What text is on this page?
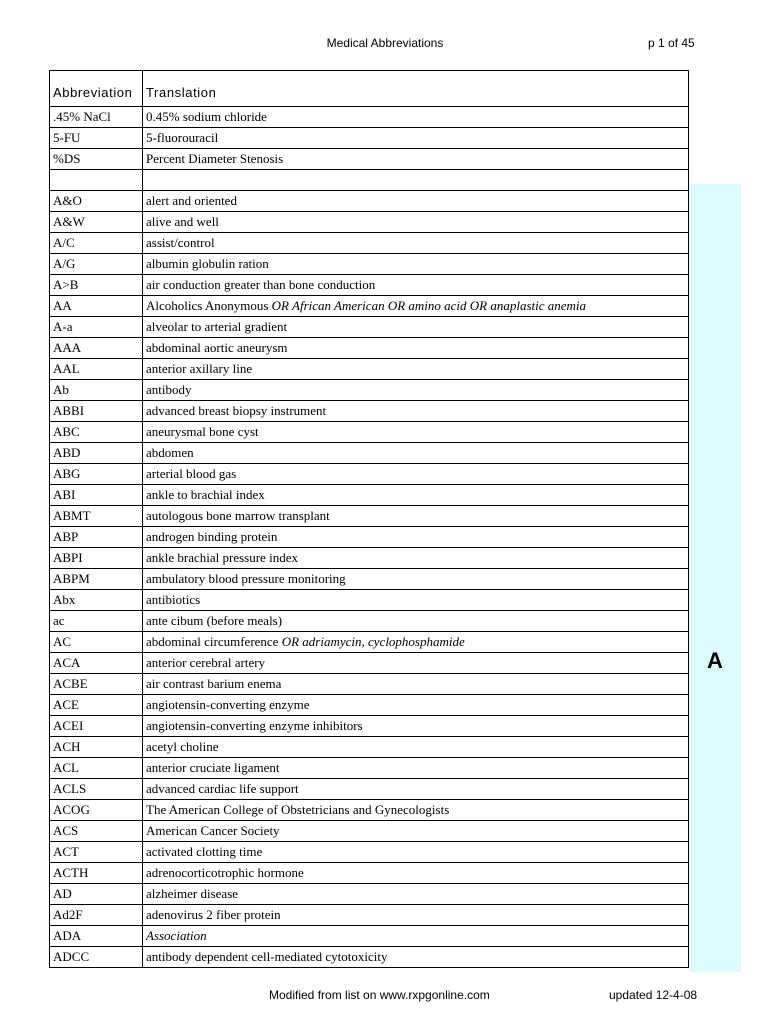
Medical Abbreviations	p 1 of 45
A
Abbreviation	Translation
.45% NaCl	0.45% sodium chloride
5-FU	5-fluorouracil
%DS	Percent Diameter Stenosis

A&O	alert and oriented
A&W	alive and well
A/C	assist/control
A/G	albumin globulin ration
A>B	air conduction greater than bone conduction
AA	Alcoholics Anonymous OR African American OR amino acid OR anaplastic anemia
A-a	alveolar to arterial gradient
AAA	abdominal aortic aneurysm
AAL	anterior axillary line
Ab	antibody
ABBI	advanced breast biopsy instrument
ABC	aneurysmal bone cyst
ABD	abdomen
ABG	arterial blood gas
ABI	ankle to brachial index
ABMT	autologous bone marrow transplant
ABP	androgen binding protein
ABPI	ankle brachial pressure index
ABPM	ambulatory blood pressure monitoring
Abx	antibiotics
ac	ante cibum (before meals)
AC	abdominal circumference OR adriamycin, cyclophosphamide
ACA	anterior cerebral artery
ACBE	air contrast barium enema
ACE	angiotensin-converting enzyme
ACEI	angiotensin-converting enzyme inhibitors
ACH	acetyl choline
ACL	anterior cruciate ligament
ACLS	advanced cardiac life support
ACOG	The American College of Obstetricians and Gynecologists
ACS	American Cancer Society
ACT	activated clotting time
ACTH	adrenocorticotrophic hormone
AD	alzheimer disease
Ad2F	adenovirus 2 fiber protein
ADA	Association
ADCC	antibody dependent cell-mediated cytotoxicity
Modified from list on www.rxpgonline.com	updated 12-4-08
